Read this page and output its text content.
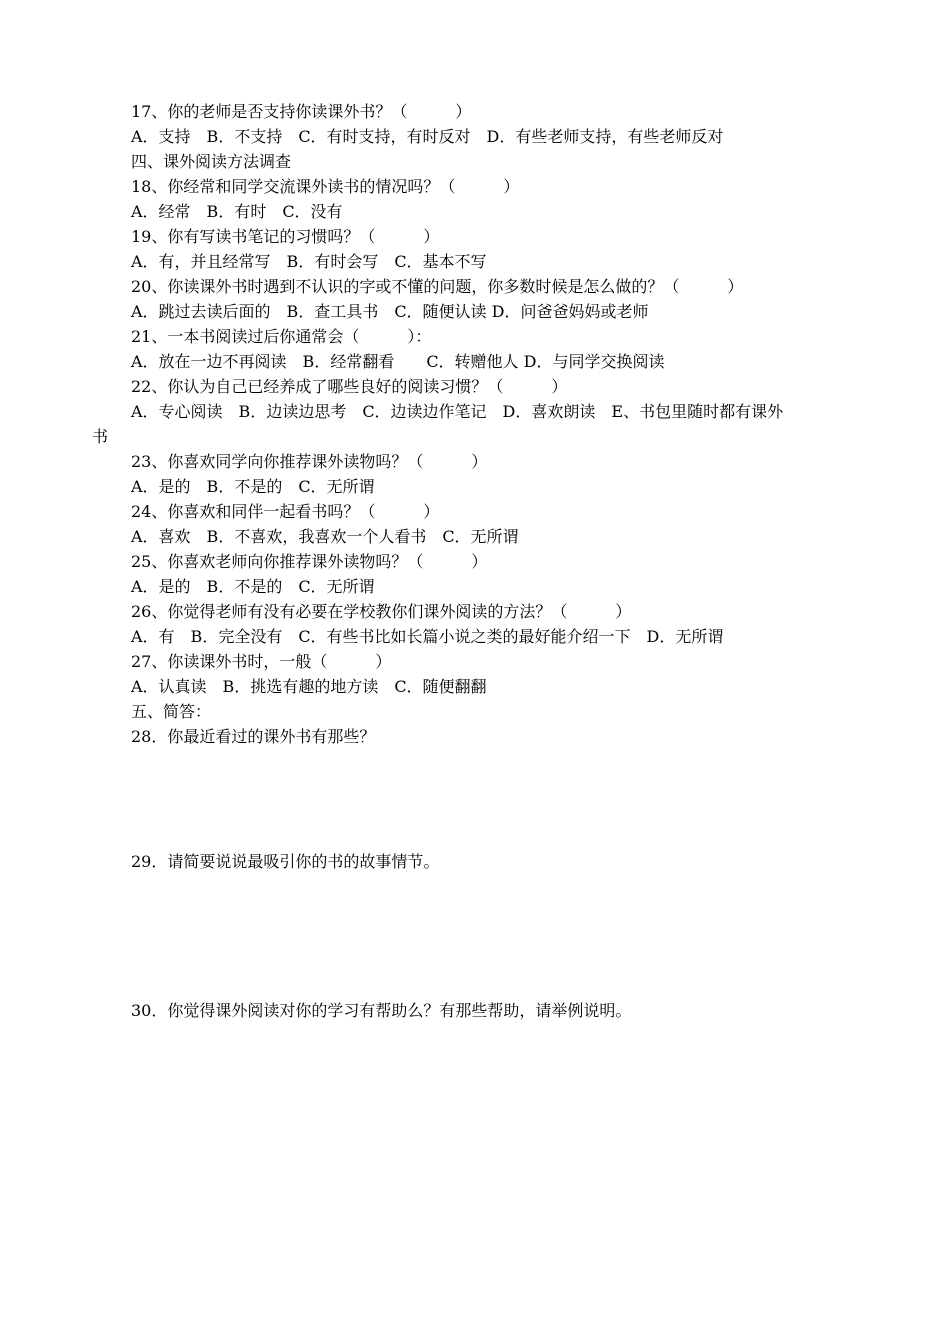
17、你的老师是否支持你读课外书？（　　　）
A．支持　B．不支持　C．有时支持，有时反对　D．有些老师支持，有些老师反对
四、课外阅读方法调查
18、你经常和同学交流课外读书的情况吗？（　　　）
A．经常　B．有时　C．没有
19、你有写读书笔记的习惯吗？（　　　）
A．有，并且经常写　B．有时会写　C．基本不写
20、你读课外书时遇到不认识的字或不懂的问题，你多数时候是怎么做的？（　　　）
A．跳过去读后面的　B．查工具书　C．随便认读 D．问爸爸妈妈或老师
21、一本书阅读过后你通常会（　　　）：
A．放在一边不再阅读　B．经常翻看　　C．转赠他人 D．与同学交换阅读
22、你认为自己已经养成了哪些良好的阅读习惯？（　　　）
A．专心阅读　B．边读边思考　C．边读边作笔记　D．喜欢朗读　E、书包里随时都有课外
书
23、你喜欢同学向你推荐课外读物吗？（　　　）
A．是的　B．不是的　C．无所谓
24、你喜欢和同伴一起看书吗？（　　　）
A．喜欢　B．不喜欢，我喜欢一个人看书　C．无所谓
25、你喜欢老师向你推荐课外读物吗？（　　　）
A．是的　B．不是的　C．无所谓
26、你觉得老师有没有必要在学校教你们课外阅读的方法？（　　　）
A．有　B．完全没有　C．有些书比如长篇小说之类的最好能介绍一下　D．无所谓
27、你读课外书时，一般（　　　）
A．认真读　B．挑选有趣的地方读　C．随便翻翻
五、简答：
28．你最近看过的课外书有那些？
29．请简要说说最吸引你的书的故事情节。
30．你觉得课外阅读对你的学习有帮助么？有那些帮助，请举例说明。
